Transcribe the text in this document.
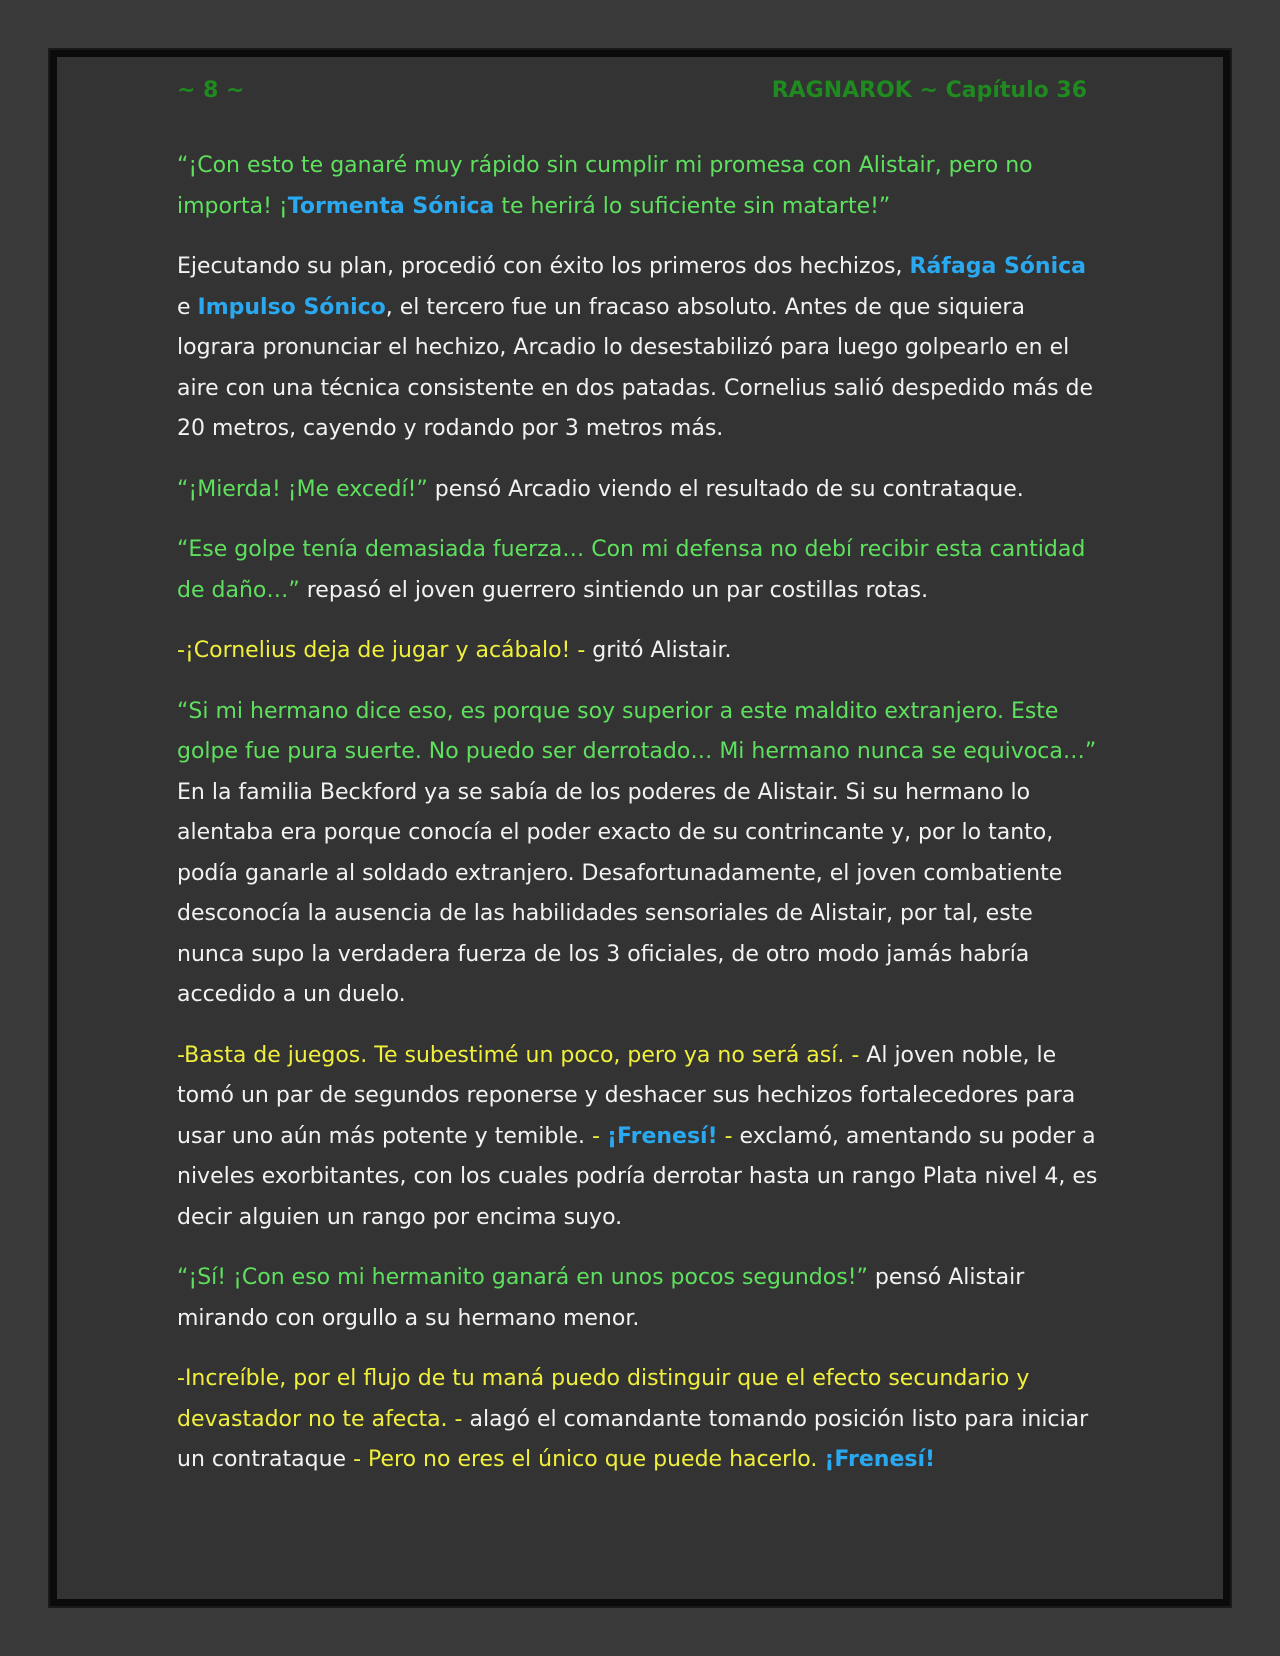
~ 8 ~	RAGNAROK ~ Capítulo 36

“¡Con esto te ganaré muy rápido sin cumplir mi promesa con Alistair, pero no importa! ¡Tormenta Sónica te herirá lo suficiente sin matarte!”

Ejecutando su plan, procedió con éxito los primeros dos hechizos, Ráfaga Sónica e Impulso Sónico, el tercero fue un fracaso absoluto. Antes de que siquiera lograra pronunciar el hechizo, Arcadio lo desestabilizó para luego golpearlo en el aire con una técnica consistente en dos patadas. Cornelius salió despedido más de 20 metros, cayendo y rodando por 3 metros más.

“¡Mierda! ¡Me excedí!” pensó Arcadio viendo el resultado de su contrataque.

“Ese golpe tenía demasiada fuerza… Con mi defensa no debí recibir esta cantidad de daño…” repasó el joven guerrero sintiendo un par costillas rotas.

-¡Cornelius deja de jugar y acábalo! - gritó Alistair.

“Si mi hermano dice eso, es porque soy superior a este maldito extranjero. Este golpe fue pura suerte. No puedo ser derrotado… Mi hermano nunca se equivoca…” En la familia Beckford ya se sabía de los poderes de Alistair. Si su hermano lo alentaba era porque conocía el poder exacto de su contrincante y, por lo tanto, podía ganarle al soldado extranjero. Desafortunadamente, el joven combatiente desconocía la ausencia de las habilidades sensoriales de Alistair, por tal, este nunca supo la verdadera fuerza de los 3 oficiales, de otro modo jamás habría accedido a un duelo.

-Basta de juegos. Te subestimé un poco, pero ya no será así. - Al joven noble, le tomó un par de segundos reponerse y deshacer sus hechizos fortalecedores para usar uno aún más potente y temible. - ¡Frenesí! - exclamó, amentando su poder a niveles exorbitantes, con los cuales podría derrotar hasta un rango Plata nivel 4, es decir alguien un rango por encima suyo.

“¡Sí! ¡Con eso mi hermanito ganará en unos pocos segundos!” pensó Alistair mirando con orgullo a su hermano menor.

-Increíble, por el flujo de tu maná puedo distinguir que el efecto secundario y devastador no te afecta. - alagó el comandante tomando posición listo para iniciar un contrataque - Pero no eres el único que puede hacerlo. ¡Frenesí!
